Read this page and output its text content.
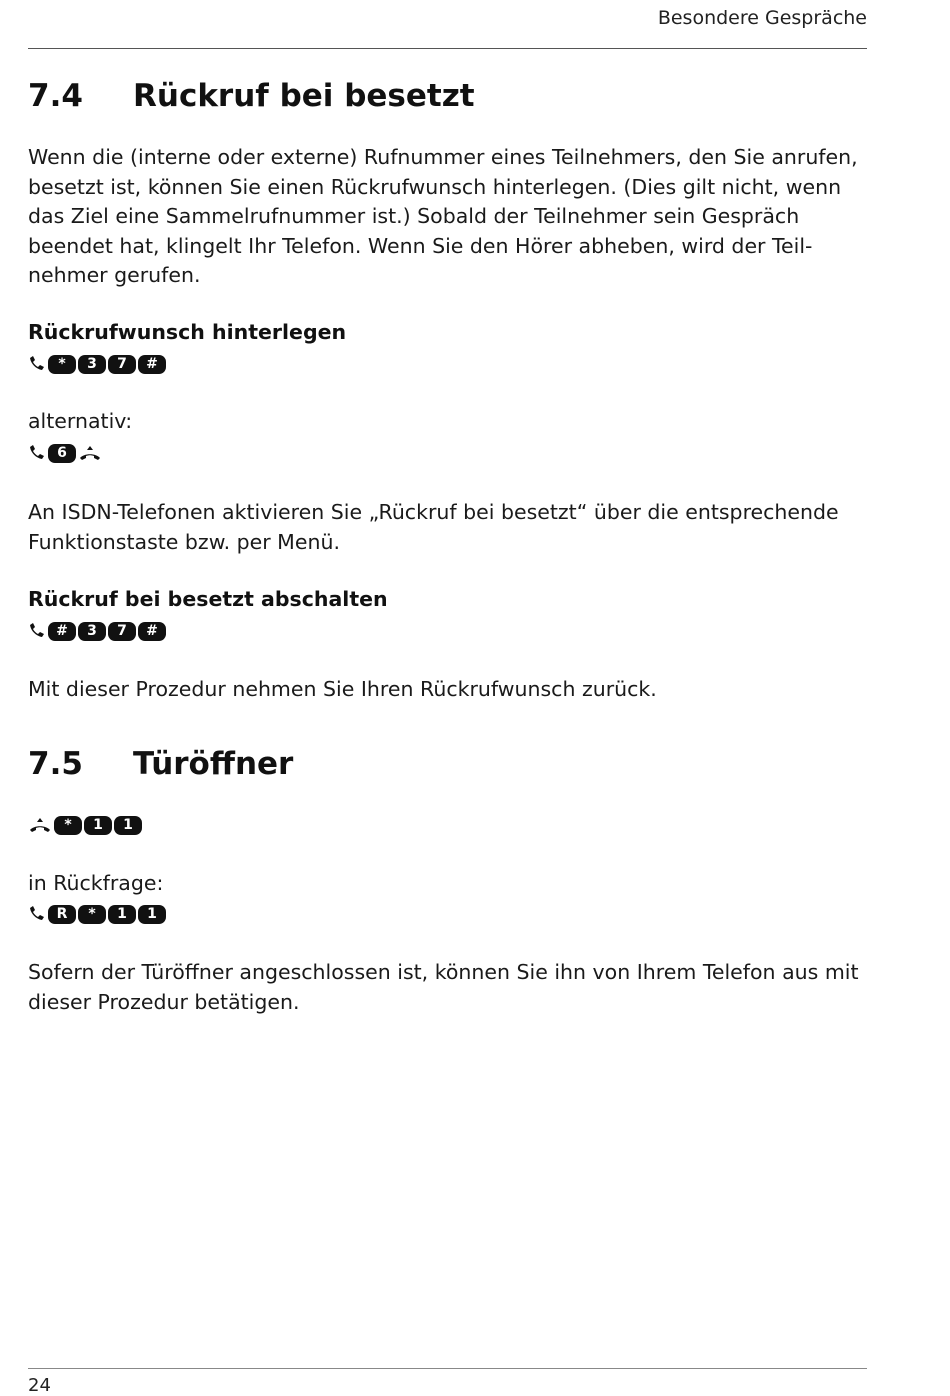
Besondere Gespräche
7.4 Rückruf bei besetzt
Wenn die (interne oder externe) Rufnummer eines Teilnehmers, den Sie anrufen,
besetzt ist, können Sie einen Rückrufwunsch hinterlegen. (Dies gilt nicht, wenn
das Ziel eine Sammelrufnummer ist.) Sobald der Teilnehmer sein Gespräch
beendet hat, klingelt Ihr Telefon. Wenn Sie den Hörer abheben, wird der Teil-
nehmer gerufen.
Rückrufwunsch hinterlegen
*	3	7	#
alternativ:
6
An ISDN-Telefonen aktivieren Sie „Rückruf bei besetzt“ über die entsprechende
Funktionstaste bzw. per Menü.
Rückruf bei besetzt abschalten
#	3	7	#
Mit dieser Prozedur nehmen Sie Ihren Rückrufwunsch zurück.
7.5 Türöffner
*	1	1
in Rückfrage:
R	*	1	1
Sofern der Türöffner angeschlossen ist, können Sie ihn von Ihrem Telefon aus mit
dieser Prozedur betätigen.
24
